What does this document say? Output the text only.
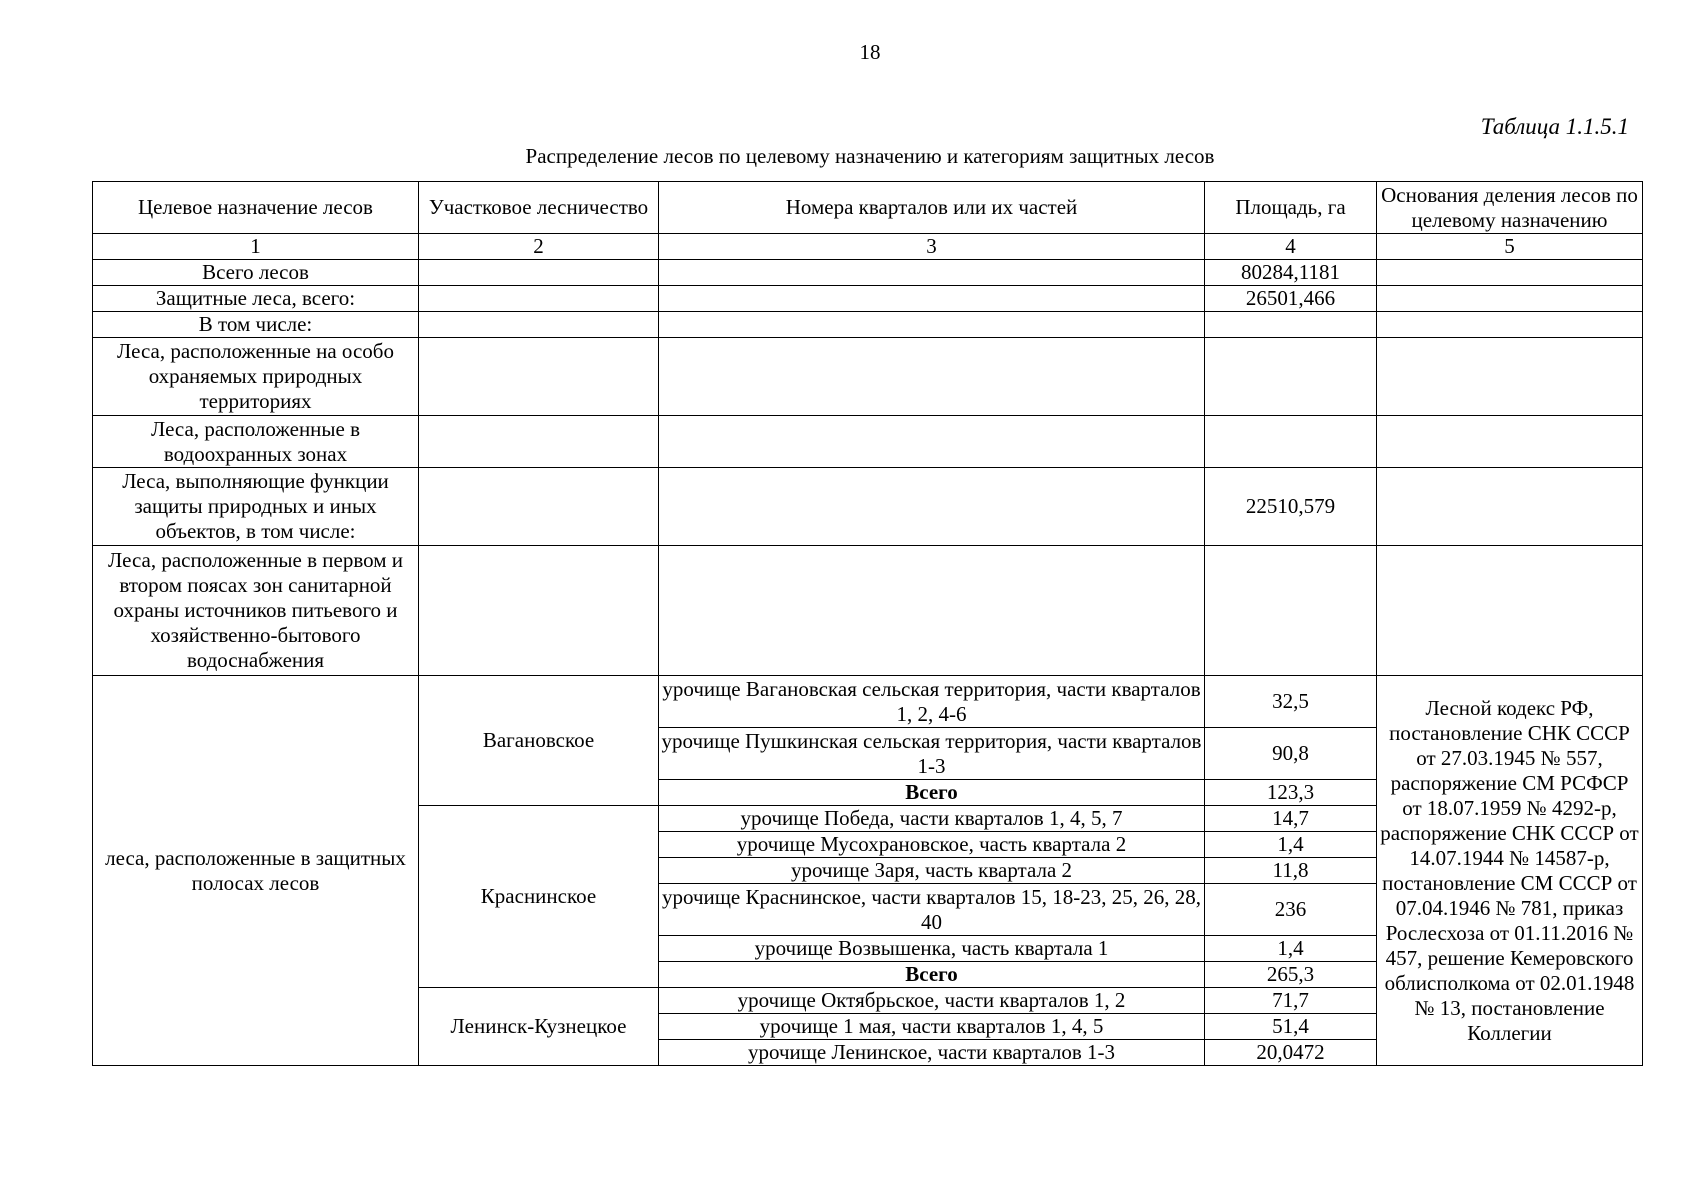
18
Таблица 1.1.5.1
Распределение лесов по целевому назначению и категориям защитных лесов
Целевое назначение лесов	Участковое лесничество	Номера кварталов или их частей	Площадь, га	Основания деления лесов по целевому назначению
1	2	3	4	5
Всего лесов			80284,1181	
Защитные леса, всего:			26501,466	
В том числе:				
Леса, расположенные на особо охраняемых природных территориях				
Леса, расположенные в водоохранных зонах				
Леса, выполняющие функции защиты природных и иных объектов, в том числе:			22510,579	
Леса, расположенные в первом и втором поясах зон санитарной охраны источников питьевого и хозяйственно-бытового водоснабжения				
леса, расположенные в защитных полосах лесов	Вагановское	урочище Вагановская сельская территория, части кварталов 1, 2, 4-6	32,5	Лесной кодекс РФ, постановление СНК СССР от 27.03.1945 № 557, распоряжение СМ РСФСР от 18.07.1959 № 4292-р, распоряжение СНК СССР от 14.07.1944 № 14587-р, постановление СМ СССР от 07.04.1946 № 781, приказ Рослесхоза от 01.11.2016 № 457, решение Кемеровского облисполкома от 02.01.1948 № 13, постановление Коллегии
		урочище Пушкинская сельская территория, части кварталов 1-3	90,8	
		Всего	123,3	
	Краснинское	урочище Победа, части кварталов 1, 4, 5, 7	14,7	
		урочище Мусохрановское, часть квартала 2	1,4	
		урочище Заря, часть квартала 2	11,8	
		урочище Краснинское, части кварталов 15, 18-23, 25, 26, 28, 40	236	
		урочище Возвышенка, часть квартала 1	1,4	
		Всего	265,3	
	Ленинск-Кузнецкое	урочище Октябрьское, части кварталов 1, 2	71,7	
		урочище 1 мая, части кварталов 1, 4, 5	51,4	
		урочище Ленинское, части кварталов 1-3	20,0472	
